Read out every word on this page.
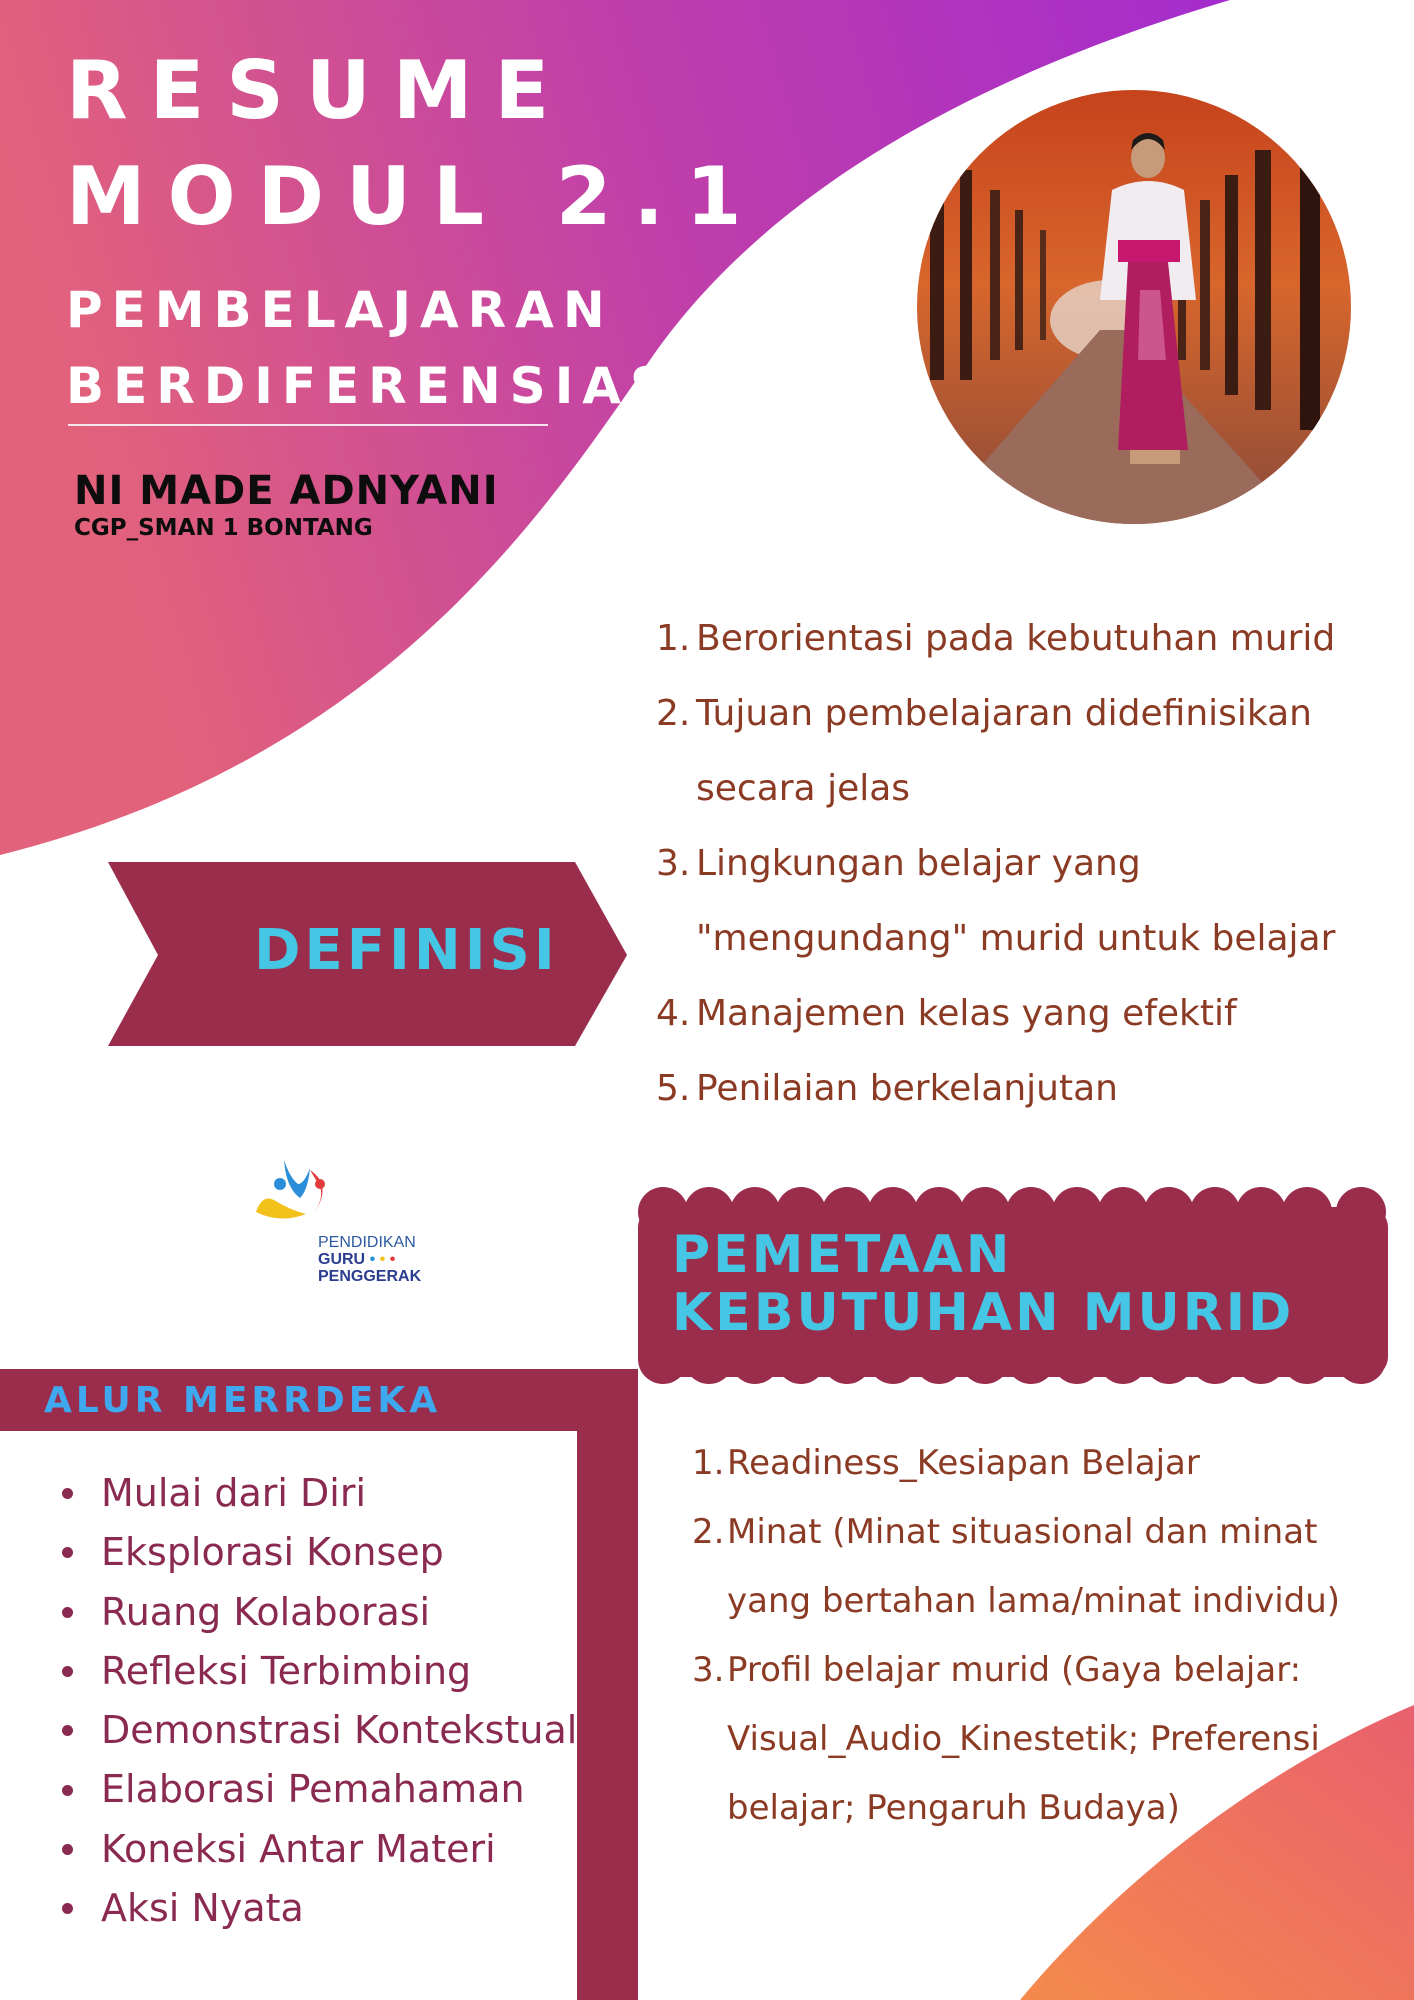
RESUME
MODUL 2.1
PEMBELAJARAN
BERDIFERENSIASI
NI MADE ADNYANI
CGP_SMAN 1 BONTANG
DEFINISI
1. Berorientasi pada kebutuhan murid
2. Tujuan pembelajaran didefinisikan
secara jelas
3. Lingkungan belajar yang
"mengundang" murid untuk belajar
4. Manajemen kelas yang efektif
5. Penilaian berkelanjutan
PENDIDIKAN
GURU • • •
PENGGERAK	PEMETAAN
KEBUTUHAN MURID
1. Readiness_Kesiapan Belajar
2. Minat (Minat situasional dan minat
yang bertahan lama/minat individu)
3. Profil belajar murid (Gaya belajar:
Visual_Audio_Kinestetik; Preferensi
belajar; Pengaruh Budaya)
ALUR MERRDEKA
Mulai dari Diri
Eksplorasi Konsep
Ruang Kolaborasi
Refleksi Terbimbing
Demonstrasi Kontekstual
Elaborasi Pemahaman
Koneksi Antar Materi
Aksi Nyata
